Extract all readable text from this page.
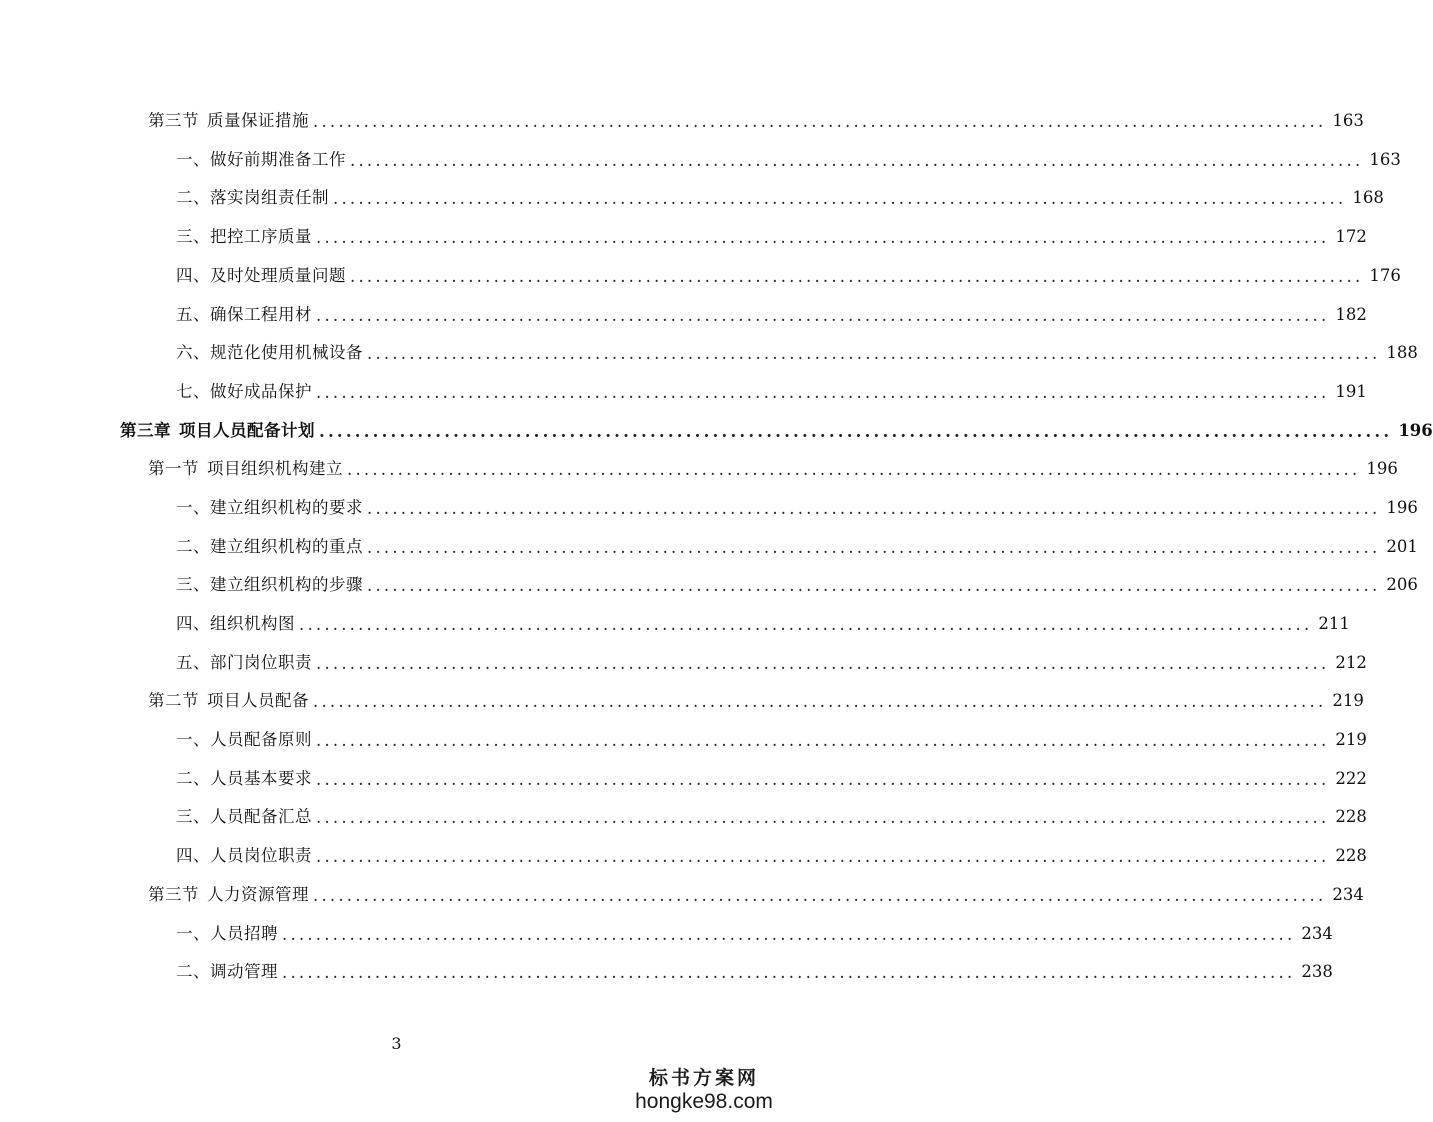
第三节 质量保证措施 ........................................................................................................................ 163
一、做好前期准备工作 ........................................................................................................................ 163
二、落实岗组责任制 ........................................................................................................................ 168
三、把控工序质量 ........................................................................................................................ 172
四、及时处理质量问题 ........................................................................................................................ 176
五、确保工程用材 ........................................................................................................................ 182
六、规范化使用机械设备 ........................................................................................................................ 188
七、做好成品保护 ........................................................................................................................ 191
第三章 项目人员配备计划 ........................................................................................................................ 196
第一节 项目组织机构建立 ........................................................................................................................ 196
一、建立组织机构的要求 ........................................................................................................................ 196
二、建立组织机构的重点 ........................................................................................................................ 201
三、建立组织机构的步骤 ........................................................................................................................ 206
四、组织机构图 ........................................................................................................................ 211
五、部门岗位职责 ........................................................................................................................ 212
第二节 项目人员配备 ........................................................................................................................ 219
一、人员配备原则 ........................................................................................................................ 219
二、人员基本要求 ........................................................................................................................ 222
三、人员配备汇总 ........................................................................................................................ 228
四、人员岗位职责 ........................................................................................................................ 228
第三节 人力资源管理 ........................................................................................................................ 234
一、人员招聘 ........................................................................................................................ 234
二、调动管理 ........................................................................................................................ 238
3
标书方案网
hongke98.com
